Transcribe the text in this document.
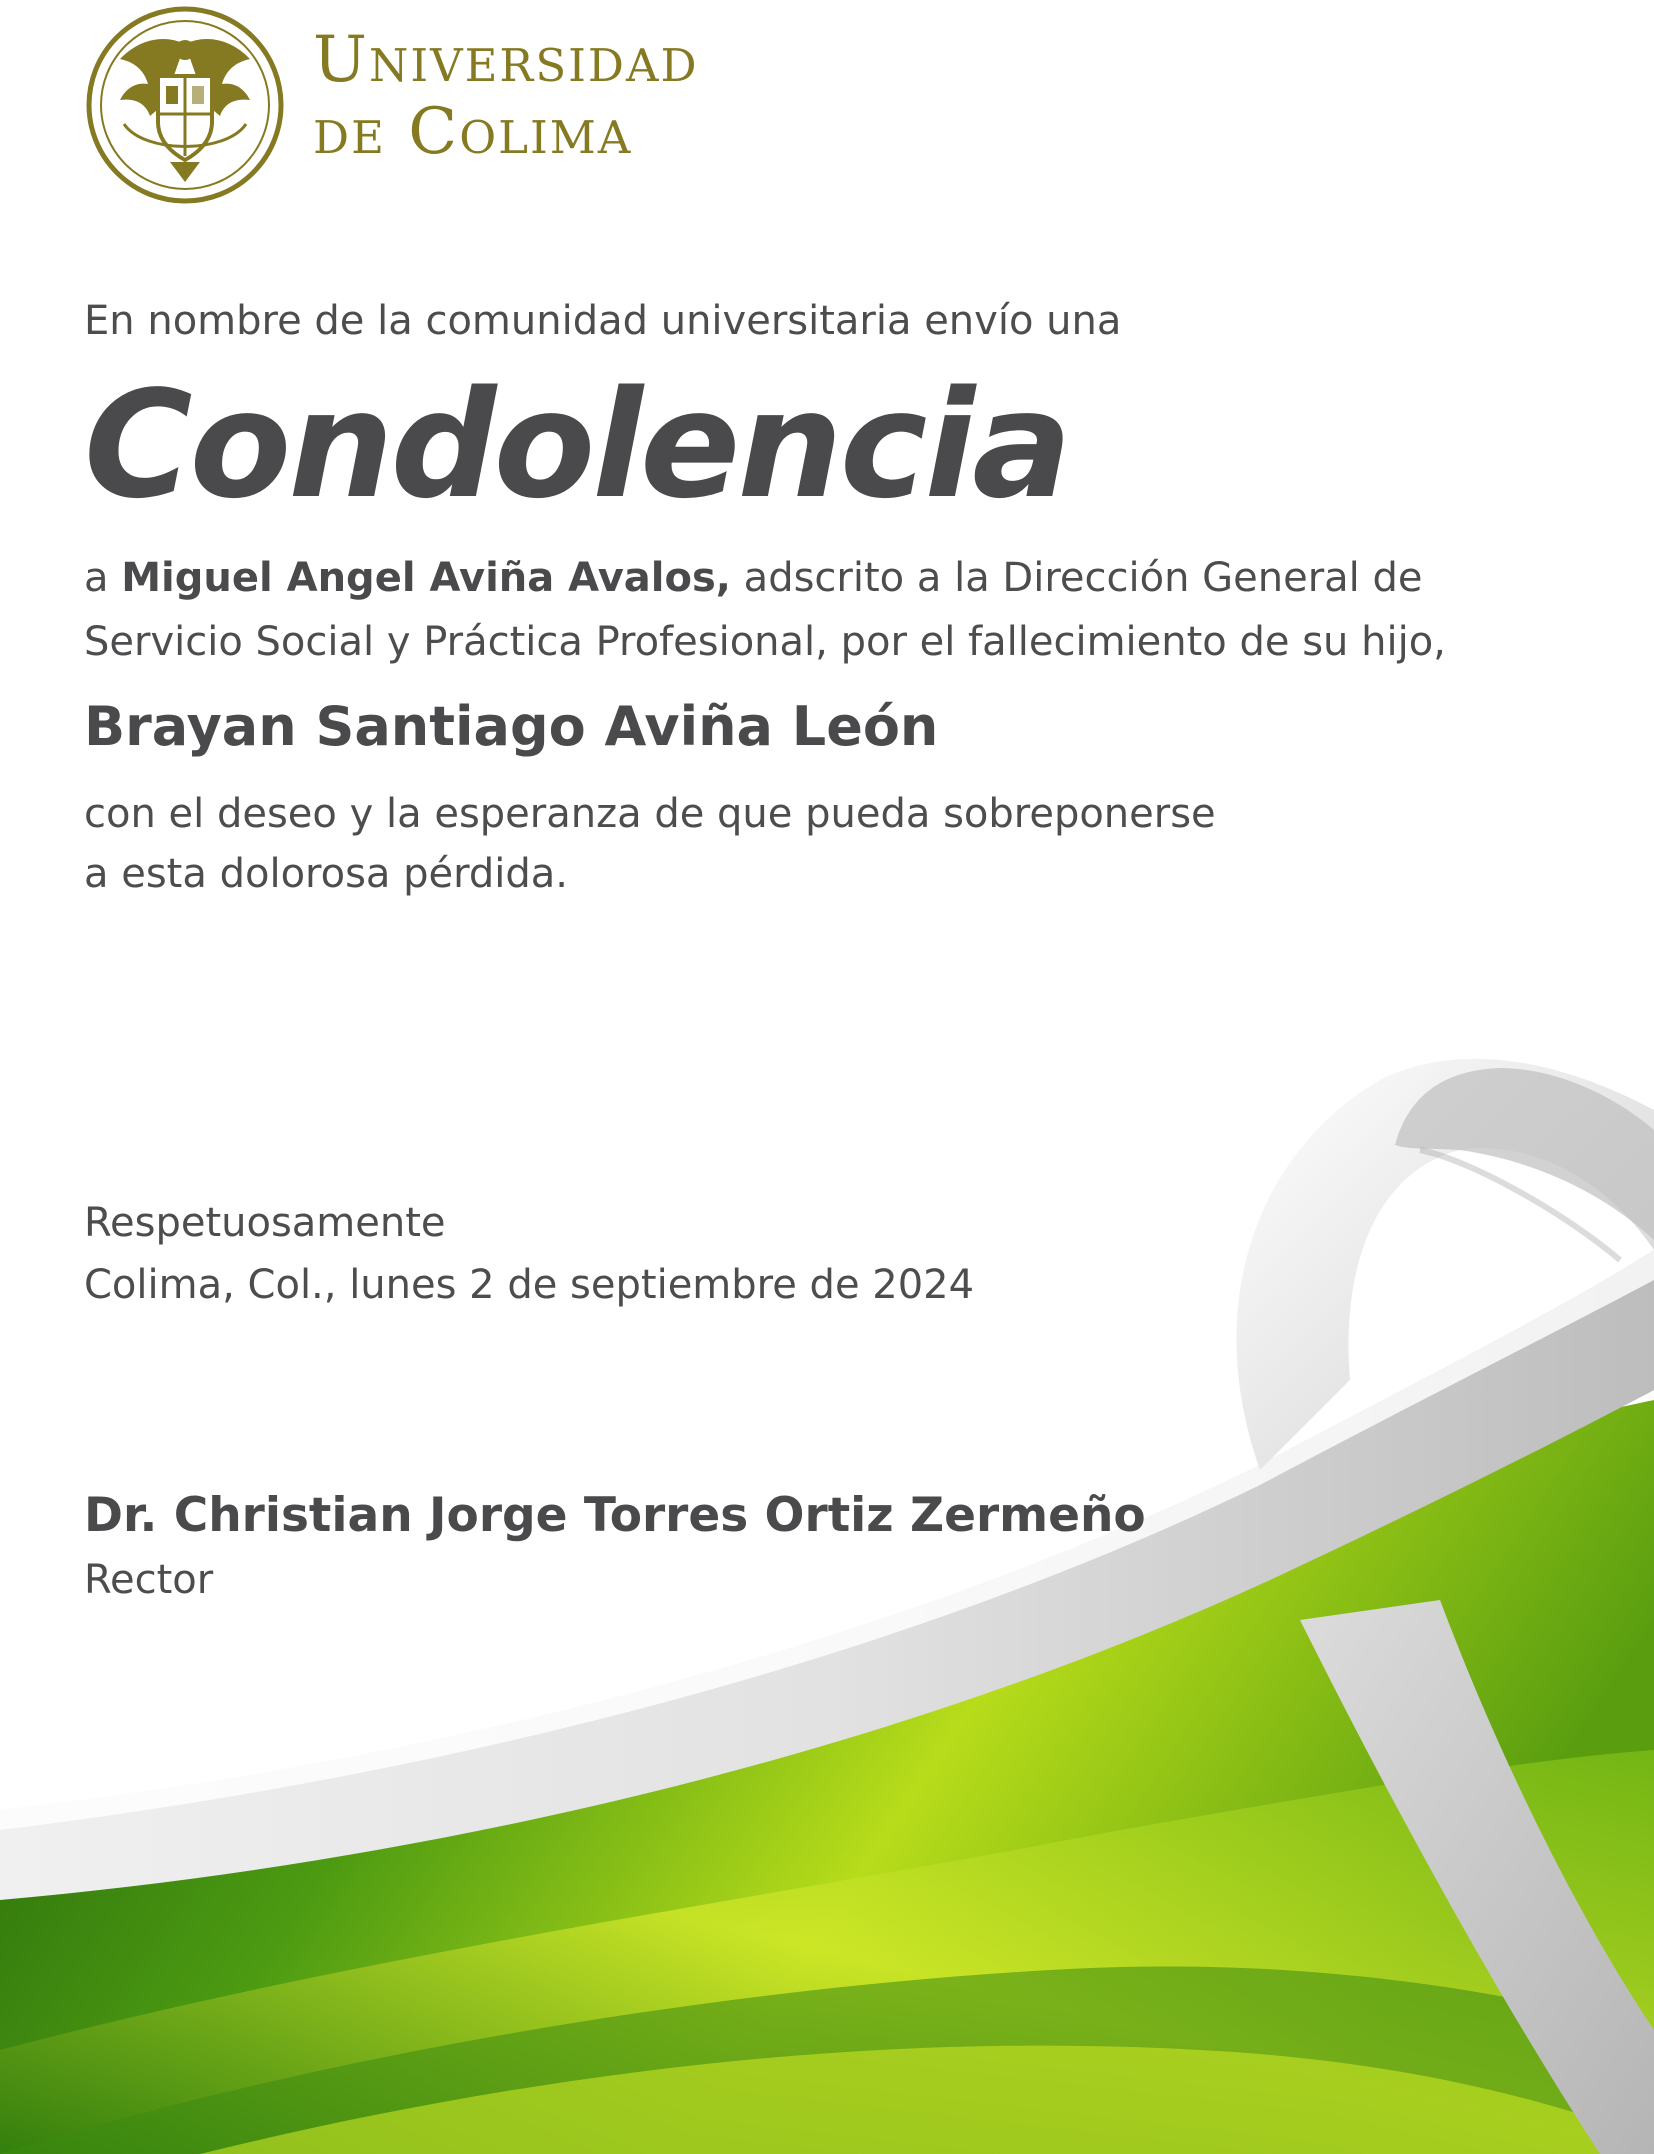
Universidad
de Colima
En nombre de la comunidad universitaria envío una
Condolencia
a Miguel Angel Aviña Avalos, adscrito a la Dirección General de
Servicio Social y Práctica Profesional, por el fallecimiento de su hijo,
Brayan Santiago Aviña León
con el deseo y la esperanza de que pueda sobreponerse
a esta dolorosa pérdida.
Respetuosamente
Colima, Col., lunes 2 de septiembre de 2024
Dr. Christian Jorge Torres Ortiz Zermeño
Rector
